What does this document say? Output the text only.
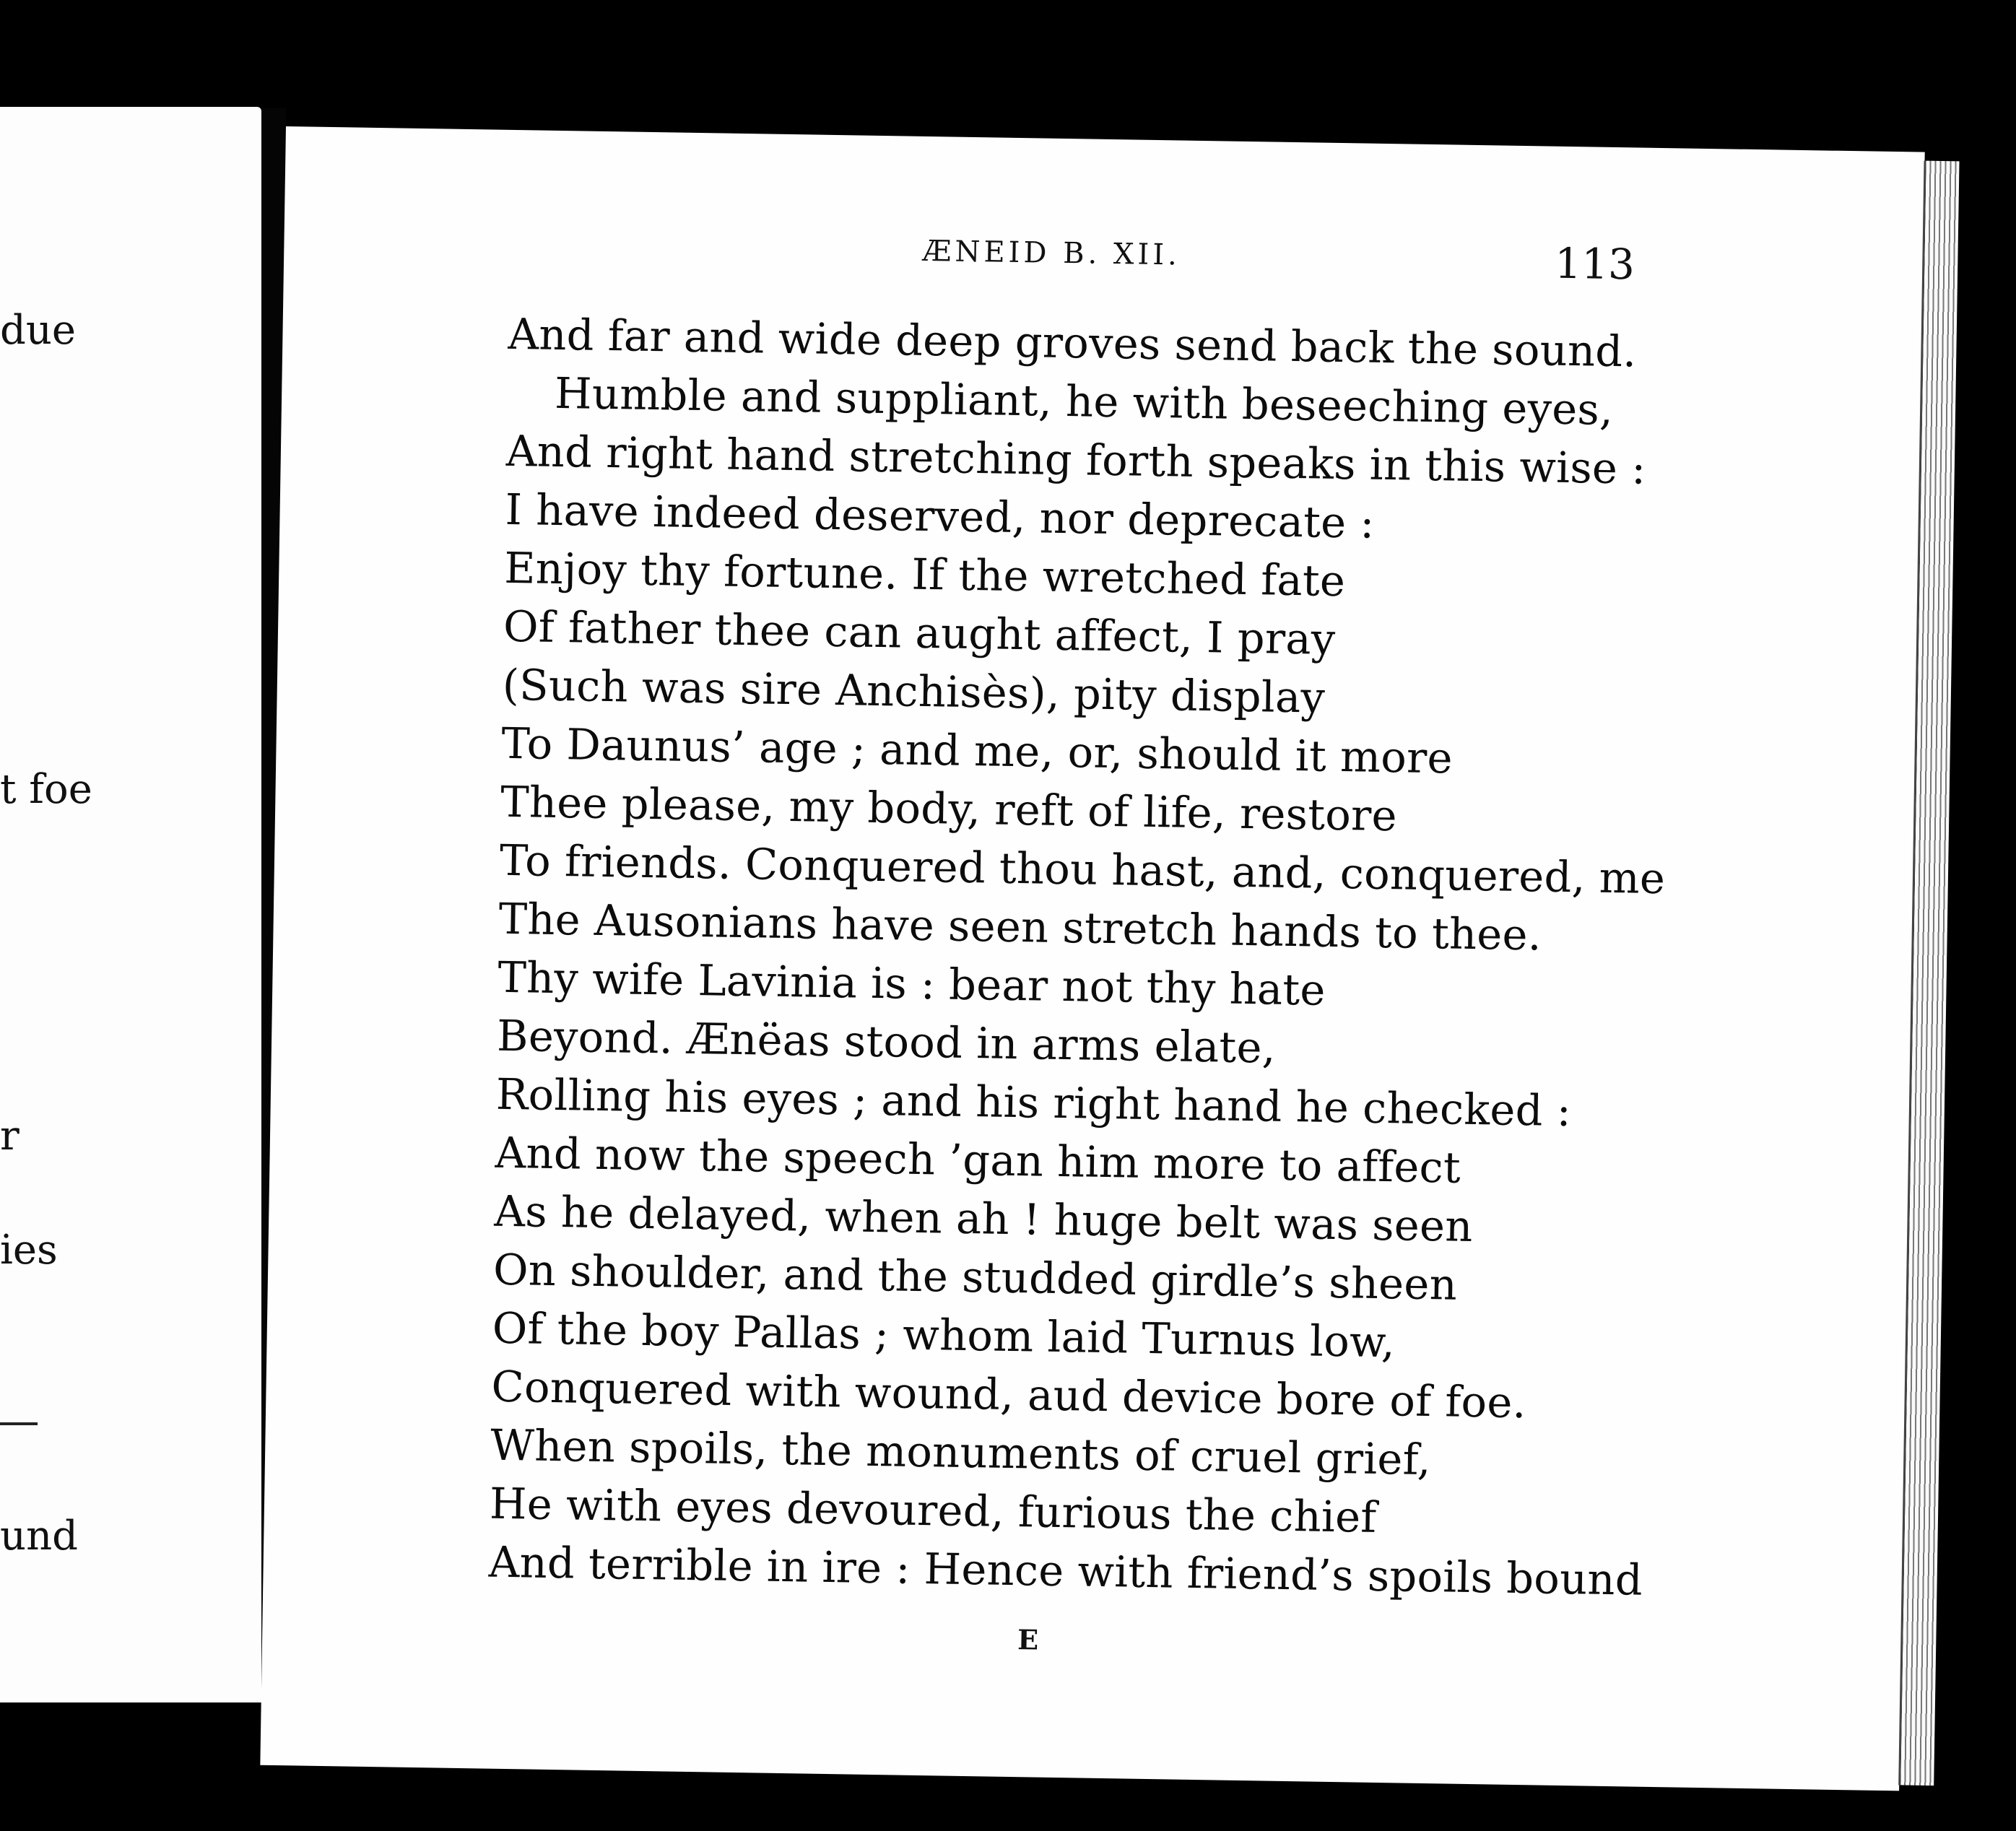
due
t foe
r
ies
und
ÆNEID B. XII.	113
And far and wide deep groves send back the sound.
Humble and suppliant, he with beseeching eyes,
And right hand stretching forth speaks in this wise :
I have indeed deserved, nor deprecate :
Enjoy thy fortune. If the wretched fate
Of father thee can aught affect, I pray
(Such was sire Anchisès), pity display
To Daunus’ age ; and me, or, should it more
Thee please, my body, reft of life, restore
To friends. Conquered thou hast, and, conquered, me
The Ausonians have seen stretch hands to thee.
Thy wife Lavinia is : bear not thy hate
Beyond. Ænëas stood in arms elate,
Rolling his eyes ; and his right hand he checked :
And now the speech ’gan him more to affect
As he delayed, when ah ! huge belt was seen
On shoulder, and the studded girdle’s sheen
Of the boy Pallas ; whom laid Turnus low,
Conquered with wound, aud device bore of foe.
When spoils, the monuments of cruel grief,
He with eyes devoured, furious the chief
And terrible in ire : Hence with friend’s spoils bound
E
